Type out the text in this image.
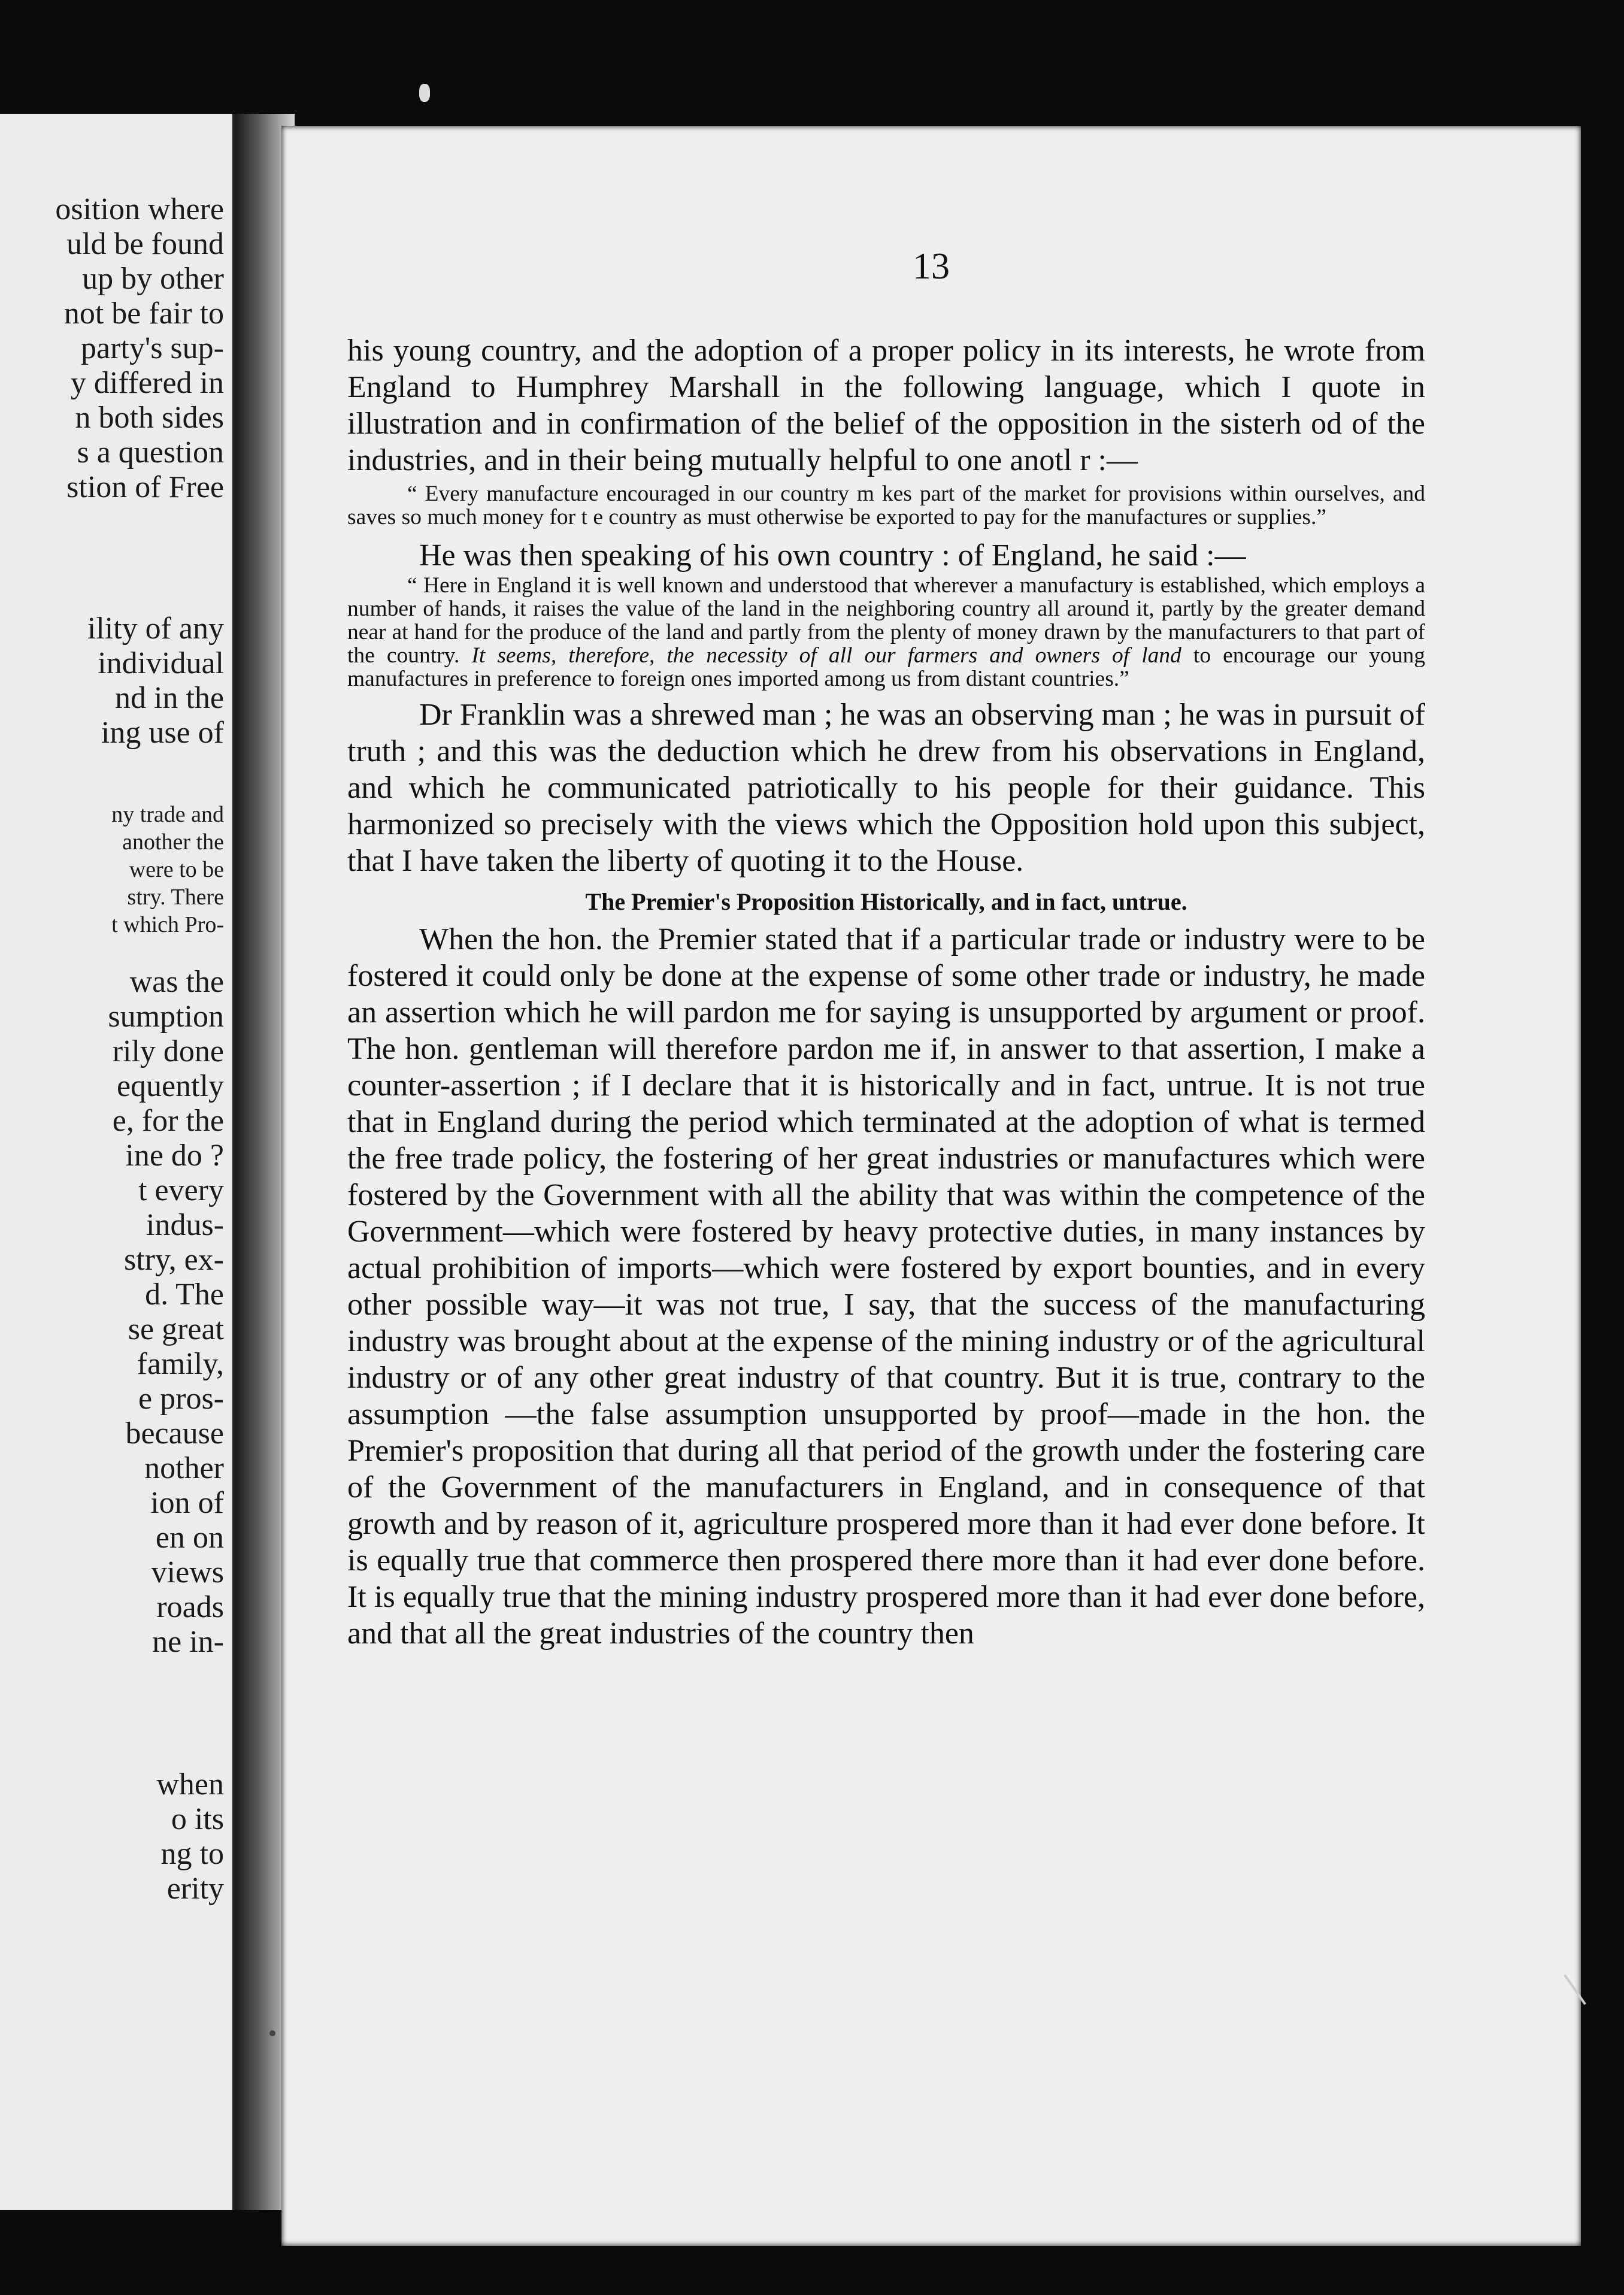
osition where
uld be found
up by other
not be fair to
party's sup-
y differed in
n both sides
s a question
stion of Free
ility of any
individual
nd in the
ing use of
ny trade and
another the
were to be
stry. There
t which Pro-
was the
sumption
rily done
equently
e, for the
ine do ?
t every
indus-
stry, ex-
d. The
se great
family,
e pros-
because
nother
ion of
en on
views
roads
ne in-
when
o its
ng to
erity
13

his young country, and the adoption of a proper policy in its interests, he wrote from England to Humphrey Marshall in the following language, which I quote in illustration and in confirmation of the belief of the opposition in the sisterh od of the industries, and in their being mutually helpful to one anotl r :—

“ Every manufacture encouraged in our country m kes part of the market for provisions within ourselves, and saves so much money for t e country as must otherwise be exported to pay for the manufactures or supplies.”

He was then speaking of his own country : of England, he said :—

“ Here in England it is well known and understood that wherever a manufactury is established, which employs a number of hands, it raises the value of the land in the neighboring country all around it, partly by the greater demand near at hand for the produce of the land and partly from the plenty of money drawn by the manufacturers to that part of the country. It seems, therefore, the necessity of all our farmers and owners of land to encourage our young manufactures in preference to foreign ones imported among us from distant countries.”

Dr Franklin was a shrewed man ; he was an observing man ; he was in pursuit of truth ; and this was the deduction which he drew from his observations in England, and which he communicated patriotically to his people for their guidance. This harmonized so precisely with the views which the Opposition hold upon this subject, that I have taken the liberty of quoting it to the House.

The Premier's Proposition Historically, and in fact, untrue.

When the hon. the Premier stated that if a particular trade or industry were to be fostered it could only be done at the expense of some other trade or industry, he made an assertion which he will pardon me for saying is unsupported by argument or proof. The hon. gentleman will therefore pardon me if, in answer to that assertion, I make a counter-assertion ; if I declare that it is historically and in fact, untrue. It is not true that in England during the period which terminated at the adoption of what is termed the free trade policy, the fostering of her great industries or manufactures which were fostered by the Government with all the ability that was within the competence of the Government—which were fostered by heavy protective duties, in many instances by actual prohibition of imports—which were fostered by export bounties, and in every other possible way—it was not true, I say, that the success of the manufacturing industry was brought about at the expense of the mining industry or of the agricultural industry or of any other great industry of that country. But it is true, contrary to the assumption —the false assumption unsupported by proof—made in the hon. the Premier's proposition that during all that period of the growth under the fostering care of the Government of the manufacturers in England, and in consequence of that growth and by reason of it, agriculture prospered more than it had ever done before. It is equally true that commerce then prospered there more than it had ever done before. It is equally true that the mining industry prospered more than it had ever done before, and that all the great industries of the country then
